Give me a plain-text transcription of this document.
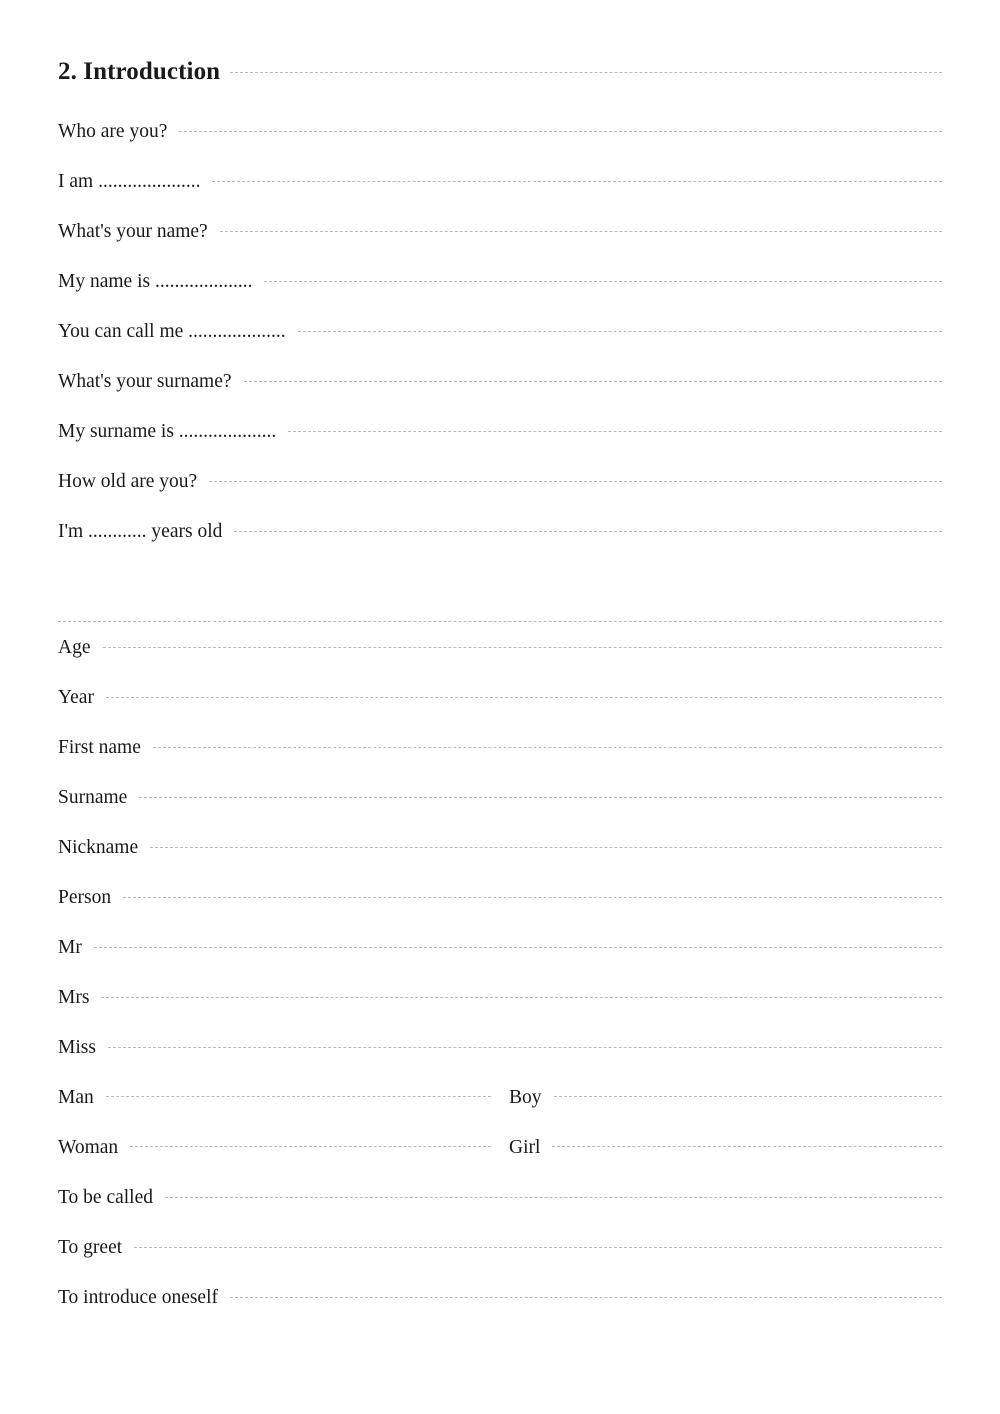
2. Introduction
Who are you?
I am .....................
What's your name?
My name is ....................
You can call me ....................
What's your surname?
My surname is ....................
How old are you?
I'm ............ years old
Age
Year
First name
Surname
Nickname
Person
Mr
Mrs
Miss
Man	Boy
Woman	Girl
To be called
To greet
To introduce oneself
